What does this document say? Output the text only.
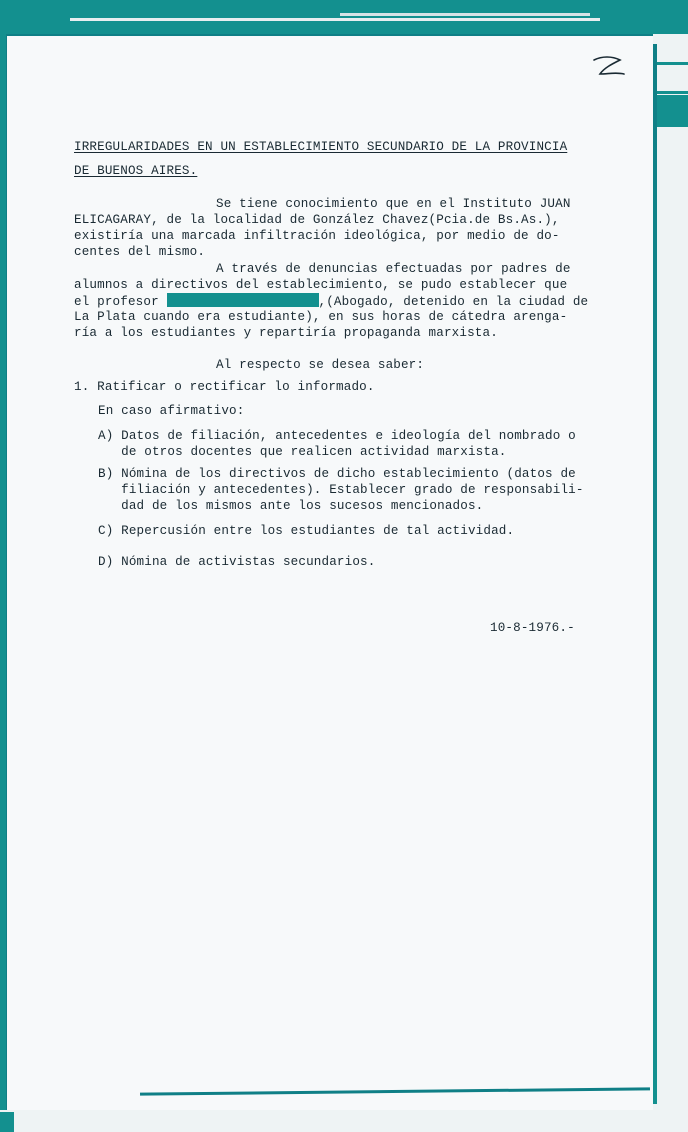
IRREGULARIDADES EN UN ESTABLECIMIENTO SECUNDARIO DE LA PROVINCIA
DE BUENOS AIRES.
Se tiene conocimiento que en el Instituto JUAN
ELICAGARAY, de la localidad de González Chavez(Pcia.de Bs.As.),
existiría una marcada infiltración ideológica, por medio de do-
centes del mismo.
A través de denuncias efectuadas por padres de
alumnos a directivos del establecimiento, se pudo establecer que
el profesor	,(Abogado, detenido en la ciudad de
La Plata cuando era estudiante), en sus horas de cátedra arenga-
ría a los estudiantes y repartiría propaganda marxista.
Al respecto se desea saber:
1. Ratificar o rectificar lo informado.
En caso afirmativo:
A) Datos de filiación, antecedentes e ideología del nombrado o
de otros docentes que realicen actividad marxista.
B) Nómina de los directivos de dicho establecimiento (datos de
filiación y antecedentes). Establecer grado de responsabili-
dad de los mismos ante los sucesos mencionados.
C) Repercusión entre los estudiantes de tal actividad.
D) Nómina de activistas secundarios.
10-8-1976.-
